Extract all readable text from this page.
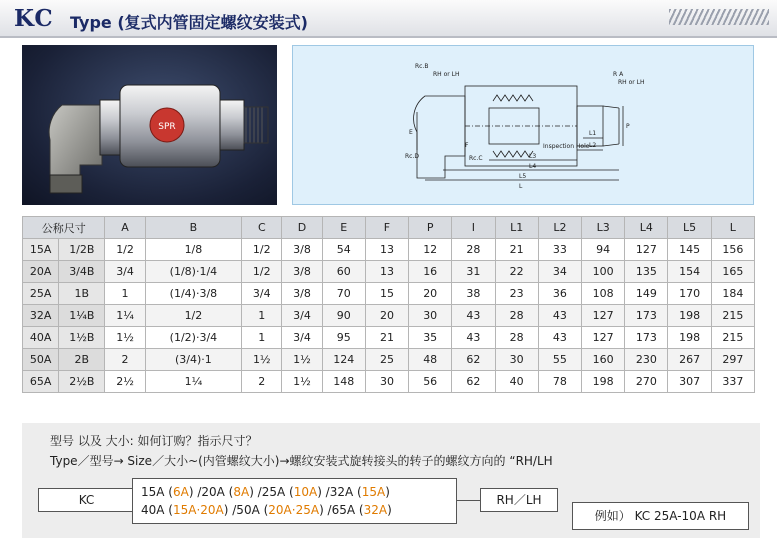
KC Type (复式内管固定螺纹安装式)
SPR
Rc.B
RH or LH	R A
RH or LH
Rc.D
F
Rc.C
Inspection Hole
L1
L2
L3
L4
L5
L
P
E
公称尺寸		A	B	C	D	E	F	P	I	L1	L2	L3	L4	L5	L
15A	1/2B	1/2	1/8	1/2	3/8	54	13	12	28	21	33	94	127	145	156
20A	3/4B	3/4	(1/8)·1/4	1/2	3/8	60	13	16	31	22	34	100	135	154	165
25A	1B	1	(1/4)·3/8	3/4	3/8	70	15	20	38	23	36	108	149	170	184
32A	1¼B	1¼	1/2	1	3/4	90	20	30	43	28	43	127	173	198	215
40A	1½B	1½	(1/2)·3/4	1	3/4	95	21	35	43	28	43	127	173	198	215
50A	2B	2	(3/4)·1	1½	1½	124	25	48	62	30	55	160	230	267	297
65A	2½B	2½	1¼	2	1½	148	30	56	62	40	78	198	270	307	337
型号 以及 大小: 如何订购？指示尺寸？
Type／型号→ Size／大小~(内管螺纹大小)→螺纹安装式旋转接头的转子的螺纹方向的 “RH/LH
KC
15A (6A) /20A (8A) /25A (10A) /32A (15A)
40A (15A·20A) /50A (20A·25A) /65A (32A)
RH／LH
例如） KC 25A-10A RH
